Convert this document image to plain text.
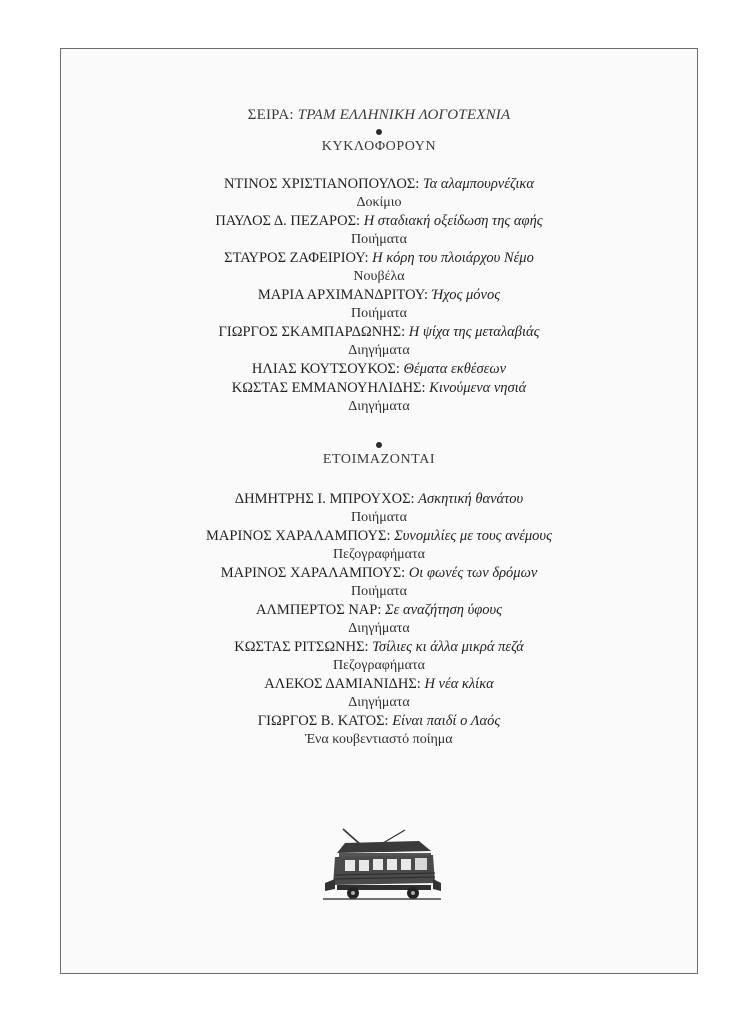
ΣΕΙΡΑ: ΤΡΑΜ ΕΛΛΗΝΙΚΗ ΛΟΓΟΤΕΧΝΙΑ
ΚΥΚΛΟΦΟΡΟΥΝ
ΝΤΙΝΟΣ ΧΡΙΣΤΙΑΝΟΠΟΥΛΟΣ: Τα αλαμπουρνέζικα
Δοκίμιο
ΠΑΥΛΟΣ Δ. ΠΕΖΑΡΟΣ: Η σταδιακή οξείδωση της αφής
Ποιήματα
ΣΤΑΥΡΟΣ ΖΑΦΕΙΡΙΟΥ: Η κόρη του πλοιάρχου Νέμο
Νουβέλα
ΜΑΡΙΑ ΑΡΧΙΜΑΝΔΡΙΤΟΥ: Ήχος μόνος
Ποιήματα
ΓΙΩΡΓΟΣ ΣΚΑΜΠΑΡΔΩΝΗΣ: Η ψίχα της μεταλαβιάς
Διηγήματα
ΗΛΙΑΣ ΚΟΥΤΣΟΥΚΟΣ: Θέματα εκθέσεων
ΚΩΣΤΑΣ ΕΜΜΑΝΟΥΗΛΙΔΗΣ: Κινούμενα νησιά
Διηγήματα
ΕΤΟΙΜΑΖΟΝΤΑΙ
ΔΗΜΗΤΡΗΣ Ι. ΜΠΡΟΥΧΟΣ: Ασκητική θανάτου
Ποιήματα
ΜΑΡΙΝΟΣ ΧΑΡΑΛΑΜΠΟΥΣ: Συνομιλίες με τους ανέμους
Πεζογραφήματα
ΜΑΡΙΝΟΣ ΧΑΡΑΛΑΜΠΟΥΣ: Οι φωνές των δρόμων
Ποιήματα
ΑΛΜΠΕΡΤΟΣ ΝΑΡ: Σε αναζήτηση ύφους
Διηγήματα
ΚΩΣΤΑΣ ΡΙΤΣΩΝΗΣ: Τσίλιες κι άλλα μικρά πεζά
Πεζογραφήματα
ΑΛΕΚΟΣ ΔΑΜΙΑΝΙΔΗΣ: Η νέα κλίκα
Διηγήματα
ΓΙΩΡΓΟΣ Β. ΚΑΤΟΣ: Είναι παιδί ο Λαός
Ένα κουβεντιαστό ποίημα
